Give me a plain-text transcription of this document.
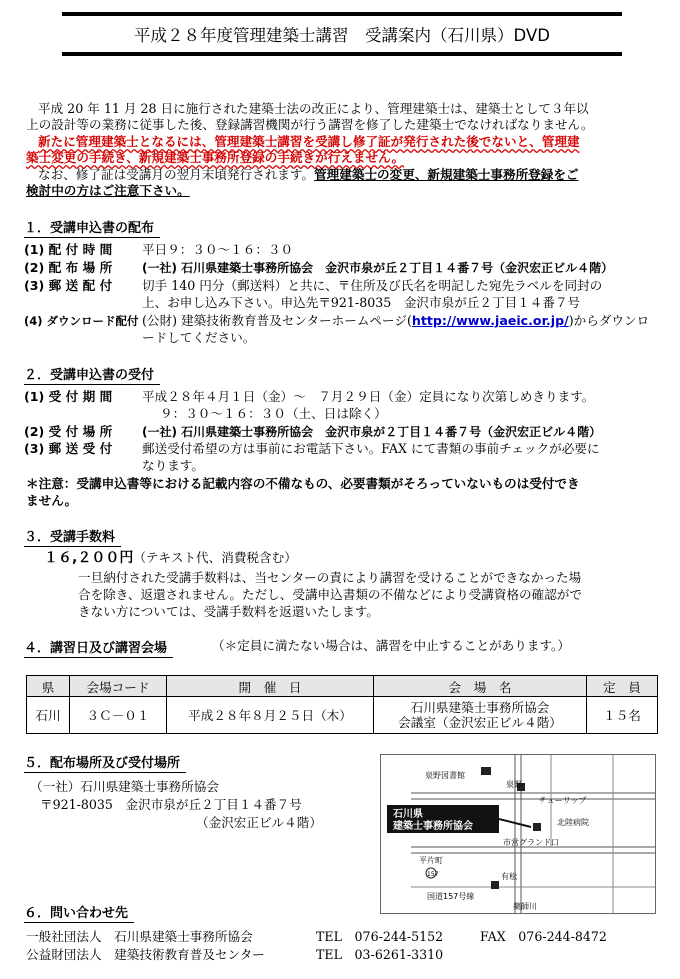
平成２８年度管理建築士講習　受講案内（石川県）DVD
平成 20 年 11 月 28 日に施行された建築士法の改正により、管理建築士は、建築士として３年以
上の設計等の業務に従事した後、登録講習機関が行う講習を修了した建築士でなければなりません。
新たに管理建築士となるには、管理建築士講習を受講し修了証が発行された後でないと、管理建
築士変更の手続き、新規建築士事務所登録の手続きが行えません。
なお、修了証は受講月の翌月末頃発行されます。管理建築士の変更、新規建築士事務所登録をご
検討中の方はご注意下さい。
１．受講申込書の配布
(1) 配 付 時 間 平日９：３０～１６：３０
(2) 配 布 場 所 (一社) 石川県建築士事務所協会　金沢市泉が丘２丁目１４番７号（金沢宏正ビル４階）
(3) 郵 送 配 付 切手 140 円分（郵送料）と共に、〒住所及び氏名を明記した宛先ラベルを同封の
上、お申し込み下さい。申込先〒921-8035　金沢市泉が丘２丁目１４番７号
(4) ダウンロード配付 (公財) 建築技術教育普及センターホームページ(http://www.jaeic.or.jp/)からダウンロ
ードしてください。
２．受講申込書の受付
(1) 受 付 期 間 平成２８年４月１日（金）～　７月２９日（金）定員になり次第しめきります。
９：３０～１６：３０（土、日は除く）
(2) 受 付 場 所 (一社) 石川県建築士事務所協会　金沢市泉が２丁目１４番７号（金沢宏正ビル４階）
(3) 郵 送 受 付 郵送受付希望の方は事前にお電話下さい。FAX にて書類の事前チェックが必要に
なります。
＊注意：受講申込書等における記載内容の不備なもの、必要書類がそろっていないものは受付でき
ません。
３．受講手数料
１６,２００円（テキスト代、消費税含む）
一旦納付された受講手数料は、当センターの責により講習を受けることができなかった場
合を除き、返還されません。ただし、受講申込書類の不備などにより受講資格の確認がで
きない方については、受講手数料を返還いたします。
４．講習日及び講習会場	（＊定員に満たない場合は、講習を中止することがあります。）
県	会場コード	開　催　日	会　場　名	定　員
石川	３Ｃ－０１	平成２８年８月２５日（木）	石川県建築士事務所協会
会議室（金沢宏正ビル４階）	１５名
５．配布場所及び受付場所
（一社）石川県建築士事務所協会
〒921-8035　金沢市泉が丘２丁目１４番７号
（金沢宏正ビル４階）
泉野図書館
泉野
チューリップ
石川県
建築士事務所協会	北陸病院
市営グランド口
平片町
157	有松
国道157号線
薬師川
６．問い合わせ先
一般社団法人　石川県建築士事務所協会	TEL　076-244-5152	FAX　076-244-8472
公益財団法人　建築技術教育普及センター	TEL　03-6261-3310
